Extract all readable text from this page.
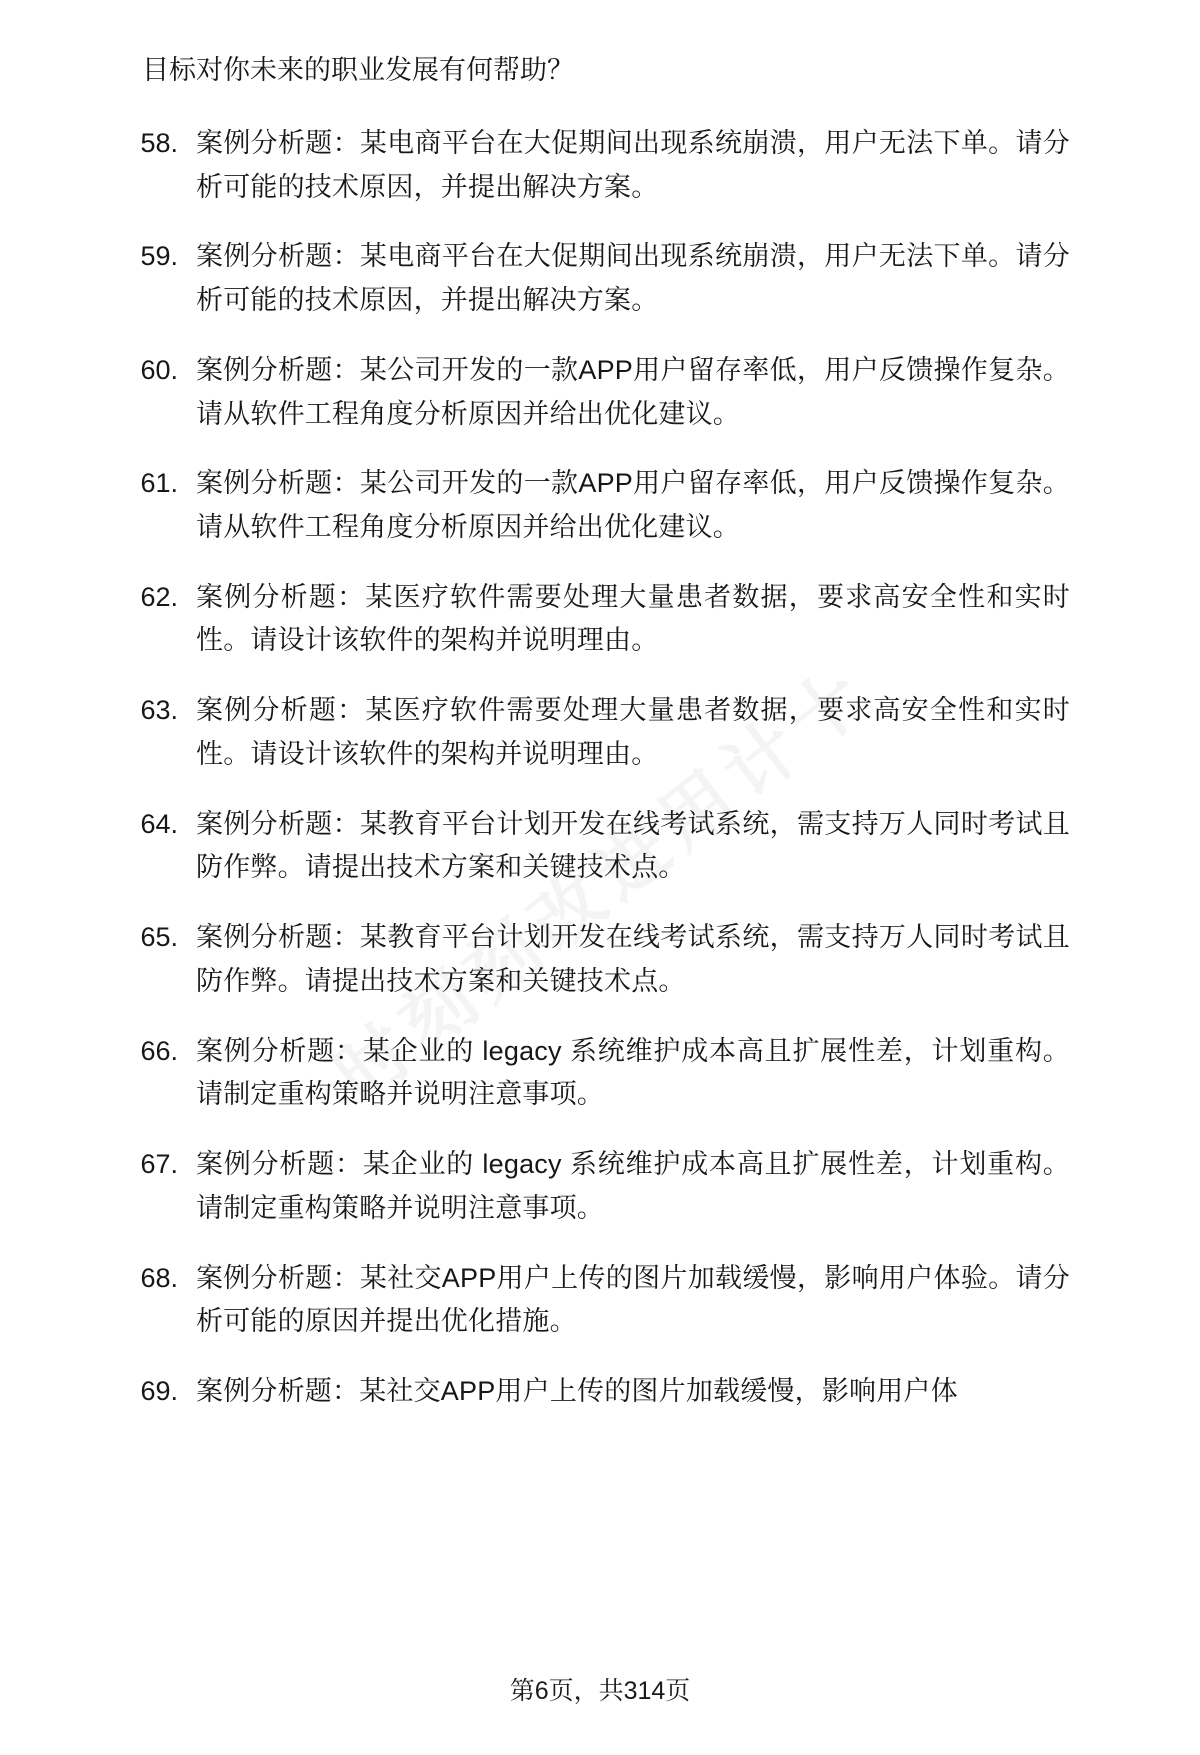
目标对你未来的职业发展有何帮助？

58. 案例分析题：某电商平台在大促期间出现系统崩溃，用户无法下单。请分析可能的技术原因，并提出解决方案。
59. 案例分析题：某电商平台在大促期间出现系统崩溃，用户无法下单。请分析可能的技术原因，并提出解决方案。
60. 案例分析题：某公司开发的一款APP用户留存率低，用户反馈操作复杂。请从软件工程角度分析原因并给出优化建议。
61. 案例分析题：某公司开发的一款APP用户留存率低，用户反馈操作复杂。请从软件工程角度分析原因并给出优化建议。
62. 案例分析题：某医疗软件需要处理大量患者数据，要求高安全性和实时性。请设计该软件的架构并说明理由。
63. 案例分析题：某医疗软件需要处理大量患者数据，要求高安全性和实时性。请设计该软件的架构并说明理由。
64. 案例分析题：某教育平台计划开发在线考试系统，需支持万人同时考试且防作弊。请提出技术方案和关键技术点。
65. 案例分析题：某教育平台计划开发在线考试系统，需支持万人同时考试且防作弊。请提出技术方案和关键技术点。
66. 案例分析题：某企业的 legacy 系统维护成本高且扩展性差，计划重构。请制定重构策略并说明注意事项。
67. 案例分析题：某企业的 legacy 系统维护成本高且扩展性差，计划重构。请制定重构策略并说明注意事项。
68. 案例分析题：某社交APP用户上传的图片加载缓慢，影响用户体验。请分析可能的原因并提出优化措施。
69. 案例分析题：某社交APP用户上传的图片加载缓慢，影响用户体
第6页，共314页
